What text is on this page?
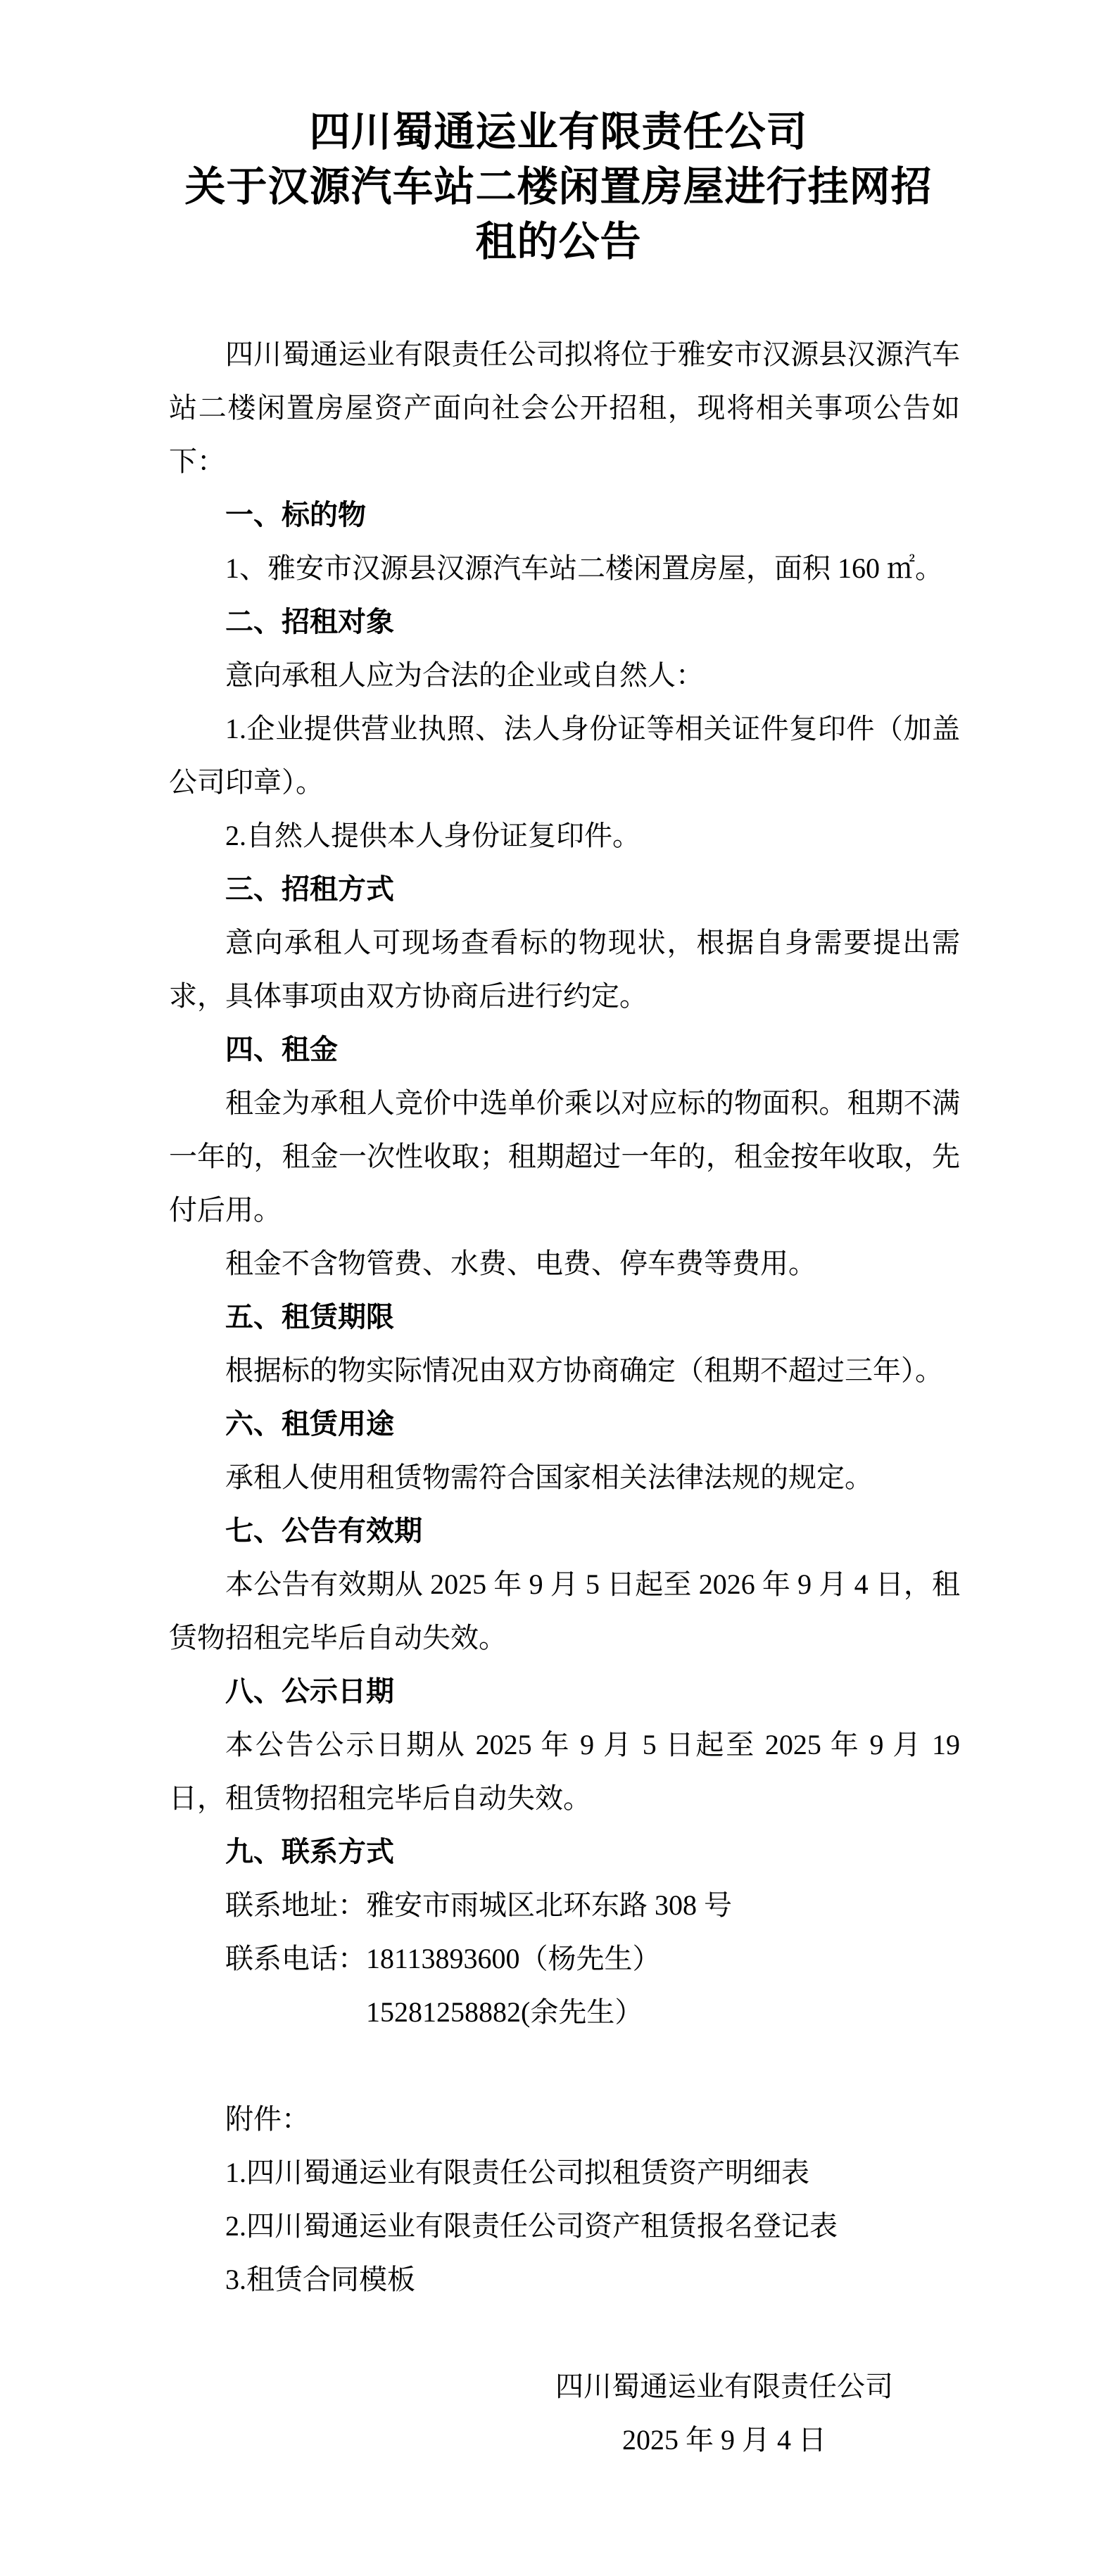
四川蜀通运业有限责任公司
关于汉源汽车站二楼闲置房屋进行挂网招租的公告

四川蜀通运业有限责任公司拟将位于雅安市汉源县汉源汽车站二楼闲置房屋资产面向社会公开招租，现将相关事项公告如下：

一、标的物

1、雅安市汉源县汉源汽车站二楼闲置房屋，面积 160 ㎡。

二、招租对象

意向承租人应为合法的企业或自然人：

1.企业提供营业执照、法人身份证等相关证件复印件（加盖公司印章）。

2.自然人提供本人身份证复印件。

三、招租方式

意向承租人可现场查看标的物现状，根据自身需要提出需求，具体事项由双方协商后进行约定。

四、租金

租金为承租人竞价中选单价乘以对应标的物面积。租期不满一年的，租金一次性收取；租期超过一年的，租金按年收取，先付后用。

租金不含物管费、水费、电费、停车费等费用。

五、租赁期限

根据标的物实际情况由双方协商确定（租期不超过三年）。

六、租赁用途

承租人使用租赁物需符合国家相关法律法规的规定。

七、公告有效期

本公告有效期从 2025 年 9 月 5 日起至 2026 年 9 月 4 日，租赁物招租完毕后自动失效。

八、公示日期

本公告公示日期从 2025 年 9 月 5 日起至 2025 年 9 月 19 日，租赁物招租完毕后自动失效。

九、联系方式

联系地址：雅安市雨城区北环东路 308 号

联系电话：18113893600（杨先生）

15281258882(余先生）

附件：

1.四川蜀通运业有限责任公司拟租赁资产明细表

2.四川蜀通运业有限责任公司资产租赁报名登记表

3.租赁合同模板

四川蜀通运业有限责任公司

2025 年 9 月 4 日
